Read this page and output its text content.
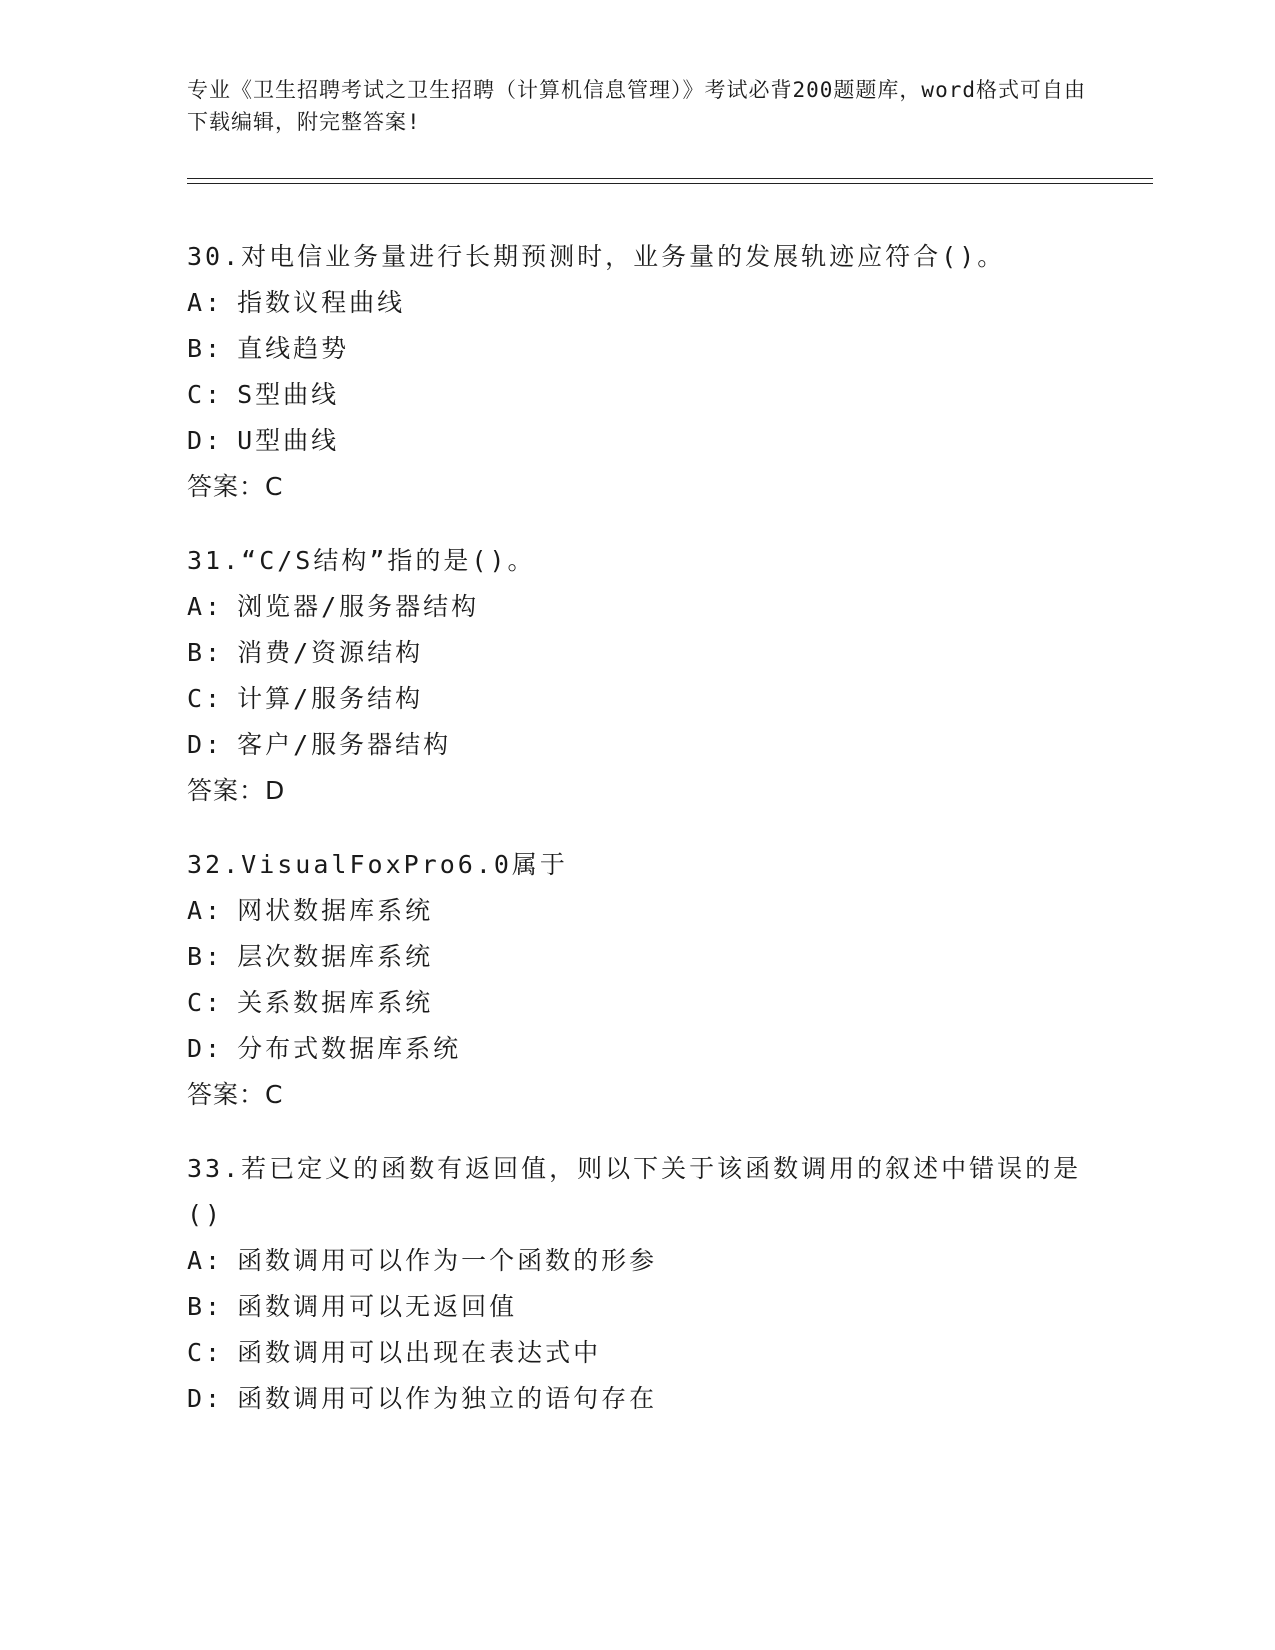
专业《卫生招聘考试之卫生招聘（计算机信息管理）》考试必背200题题库，word格式可自由下载编辑，附完整答案!
30.对电信业务量进行长期预测时，业务量的发展轨迹应符合()。
A: 指数议程曲线
B: 直线趋势
C: S型曲线
D: U型曲线
答案：C
31.“C/S结构”指的是()。
A: 浏览器/服务器结构
B: 消费/资源结构
C: 计算/服务结构
D: 客户/服务器结构
答案：D
32.VisualFoxPro6.0属于
A: 网状数据库系统
B: 层次数据库系统
C: 关系数据库系统
D: 分布式数据库系统
答案：C
33.若已定义的函数有返回值，则以下关于该函数调用的叙述中错误的是()
A: 函数调用可以作为一个函数的形参
B: 函数调用可以无返回值
C: 函数调用可以出现在表达式中
D: 函数调用可以作为独立的语句存在
